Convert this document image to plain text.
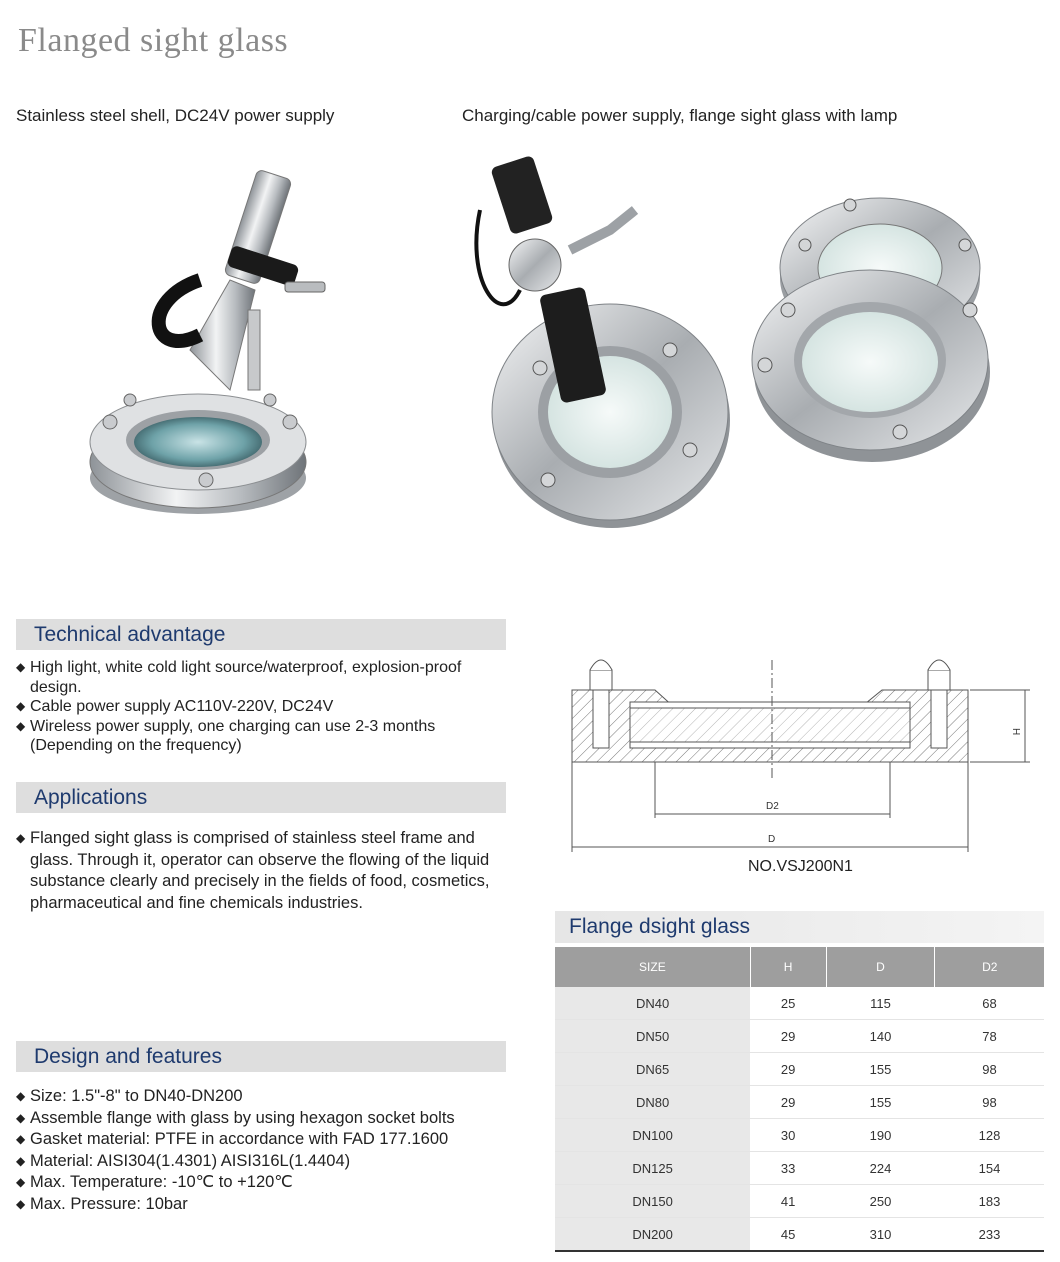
Flanged sight glass
Stainless steel shell, DC24V power supply	Charging/cable power supply, flange sight glass with lamp
Technical advantage
◆ High light, white cold light source/waterproof, explosion-proof design.
◆ Cable power supply AC110V-220V, DC24V
◆ Wireless power supply, one charging can use 2-3 months (Depending on the frequency)
Applications
◆ Flanged sight glass is comprised of stainless steel frame and glass. Through it, operator can observe the flowing of the liquid substance clearly and precisely in the fields of food, cosmetics, pharmaceutical and fine chemicals industries.
Design and features
◆ Size: 1.5"-8" to DN40-DN200
◆ Assemble flange with glass by using hexagon socket bolts
◆ Gasket material: PTFE in accordance with FAD 177.1600
◆ Material: AISI304(1.4301) AISI316L(1.4404)
◆ Max. Temperature: -10℃ to +120℃
◆ Max. Pressure: 10bar
H
D2
D
NO.VSJ200N1
Flange dsight glass
SIZE	H	D	D2
DN40	25	115	68
DN50	29	140	78
DN65	29	155	98
DN80	29	155	98
DN100	30	190	128
DN125	33	224	154
DN150	41	250	183
DN200	45	310	233
